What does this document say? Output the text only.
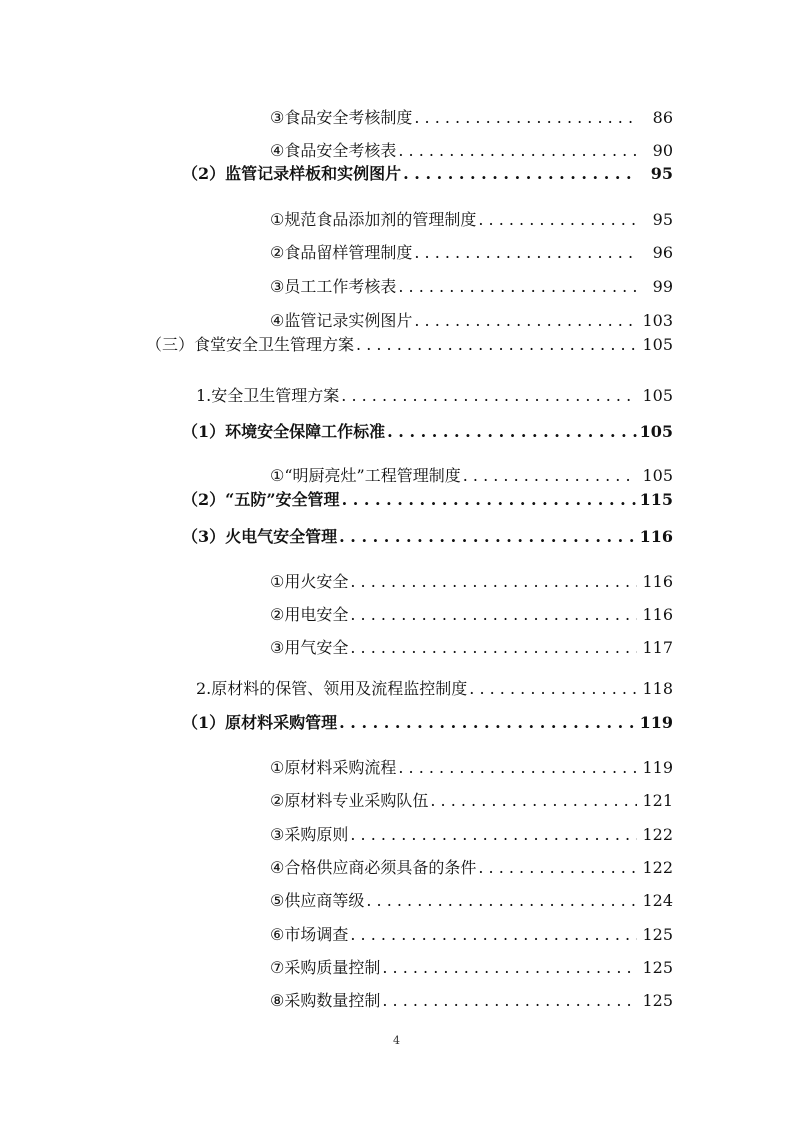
③ 食品安全考核制度 . . .	86
④ 食品安全考核表 . . .	90
（2） 监管记录样板和实例图片 . . .	95
① 规范食品添加剂的管理制度 . . .	95
② 食品留样管理制度 . . .	96
③ 员工工作考核表 . . .	99
④ 监管记录实例图片 . . .	103
（三） 食堂安全卫生管理方案 . . .	105
1. 安全卫生管理方案 . . .	105
（1） 环境安全保障工作标准 . . .	105
① “明厨亮灶”工程管理制度 . . .	105
（2） “五防”安全管理 . . .	115
（3） 火电气安全管理 . . .	116
① 用火安全 . . .	116
② 用电安全 . . .	116
③ 用气安全 . . .	117
2. 原材料的保管、领用及流程监控制度 . . .	118
（1） 原材料采购管理 . . .	119
① 原材料采购流程 . . .	119
② 原材料专业采购队伍 . . .	121
③ 采购原则 . . .	122
④ 合格供应商必须具备的条件 . . .	122
⑤ 供应商等级 . . .	124
⑥ 市场调查 . . .	125
⑦ 采购质量控制 . . .	125
⑧ 采购数量控制 . . .	125
4
